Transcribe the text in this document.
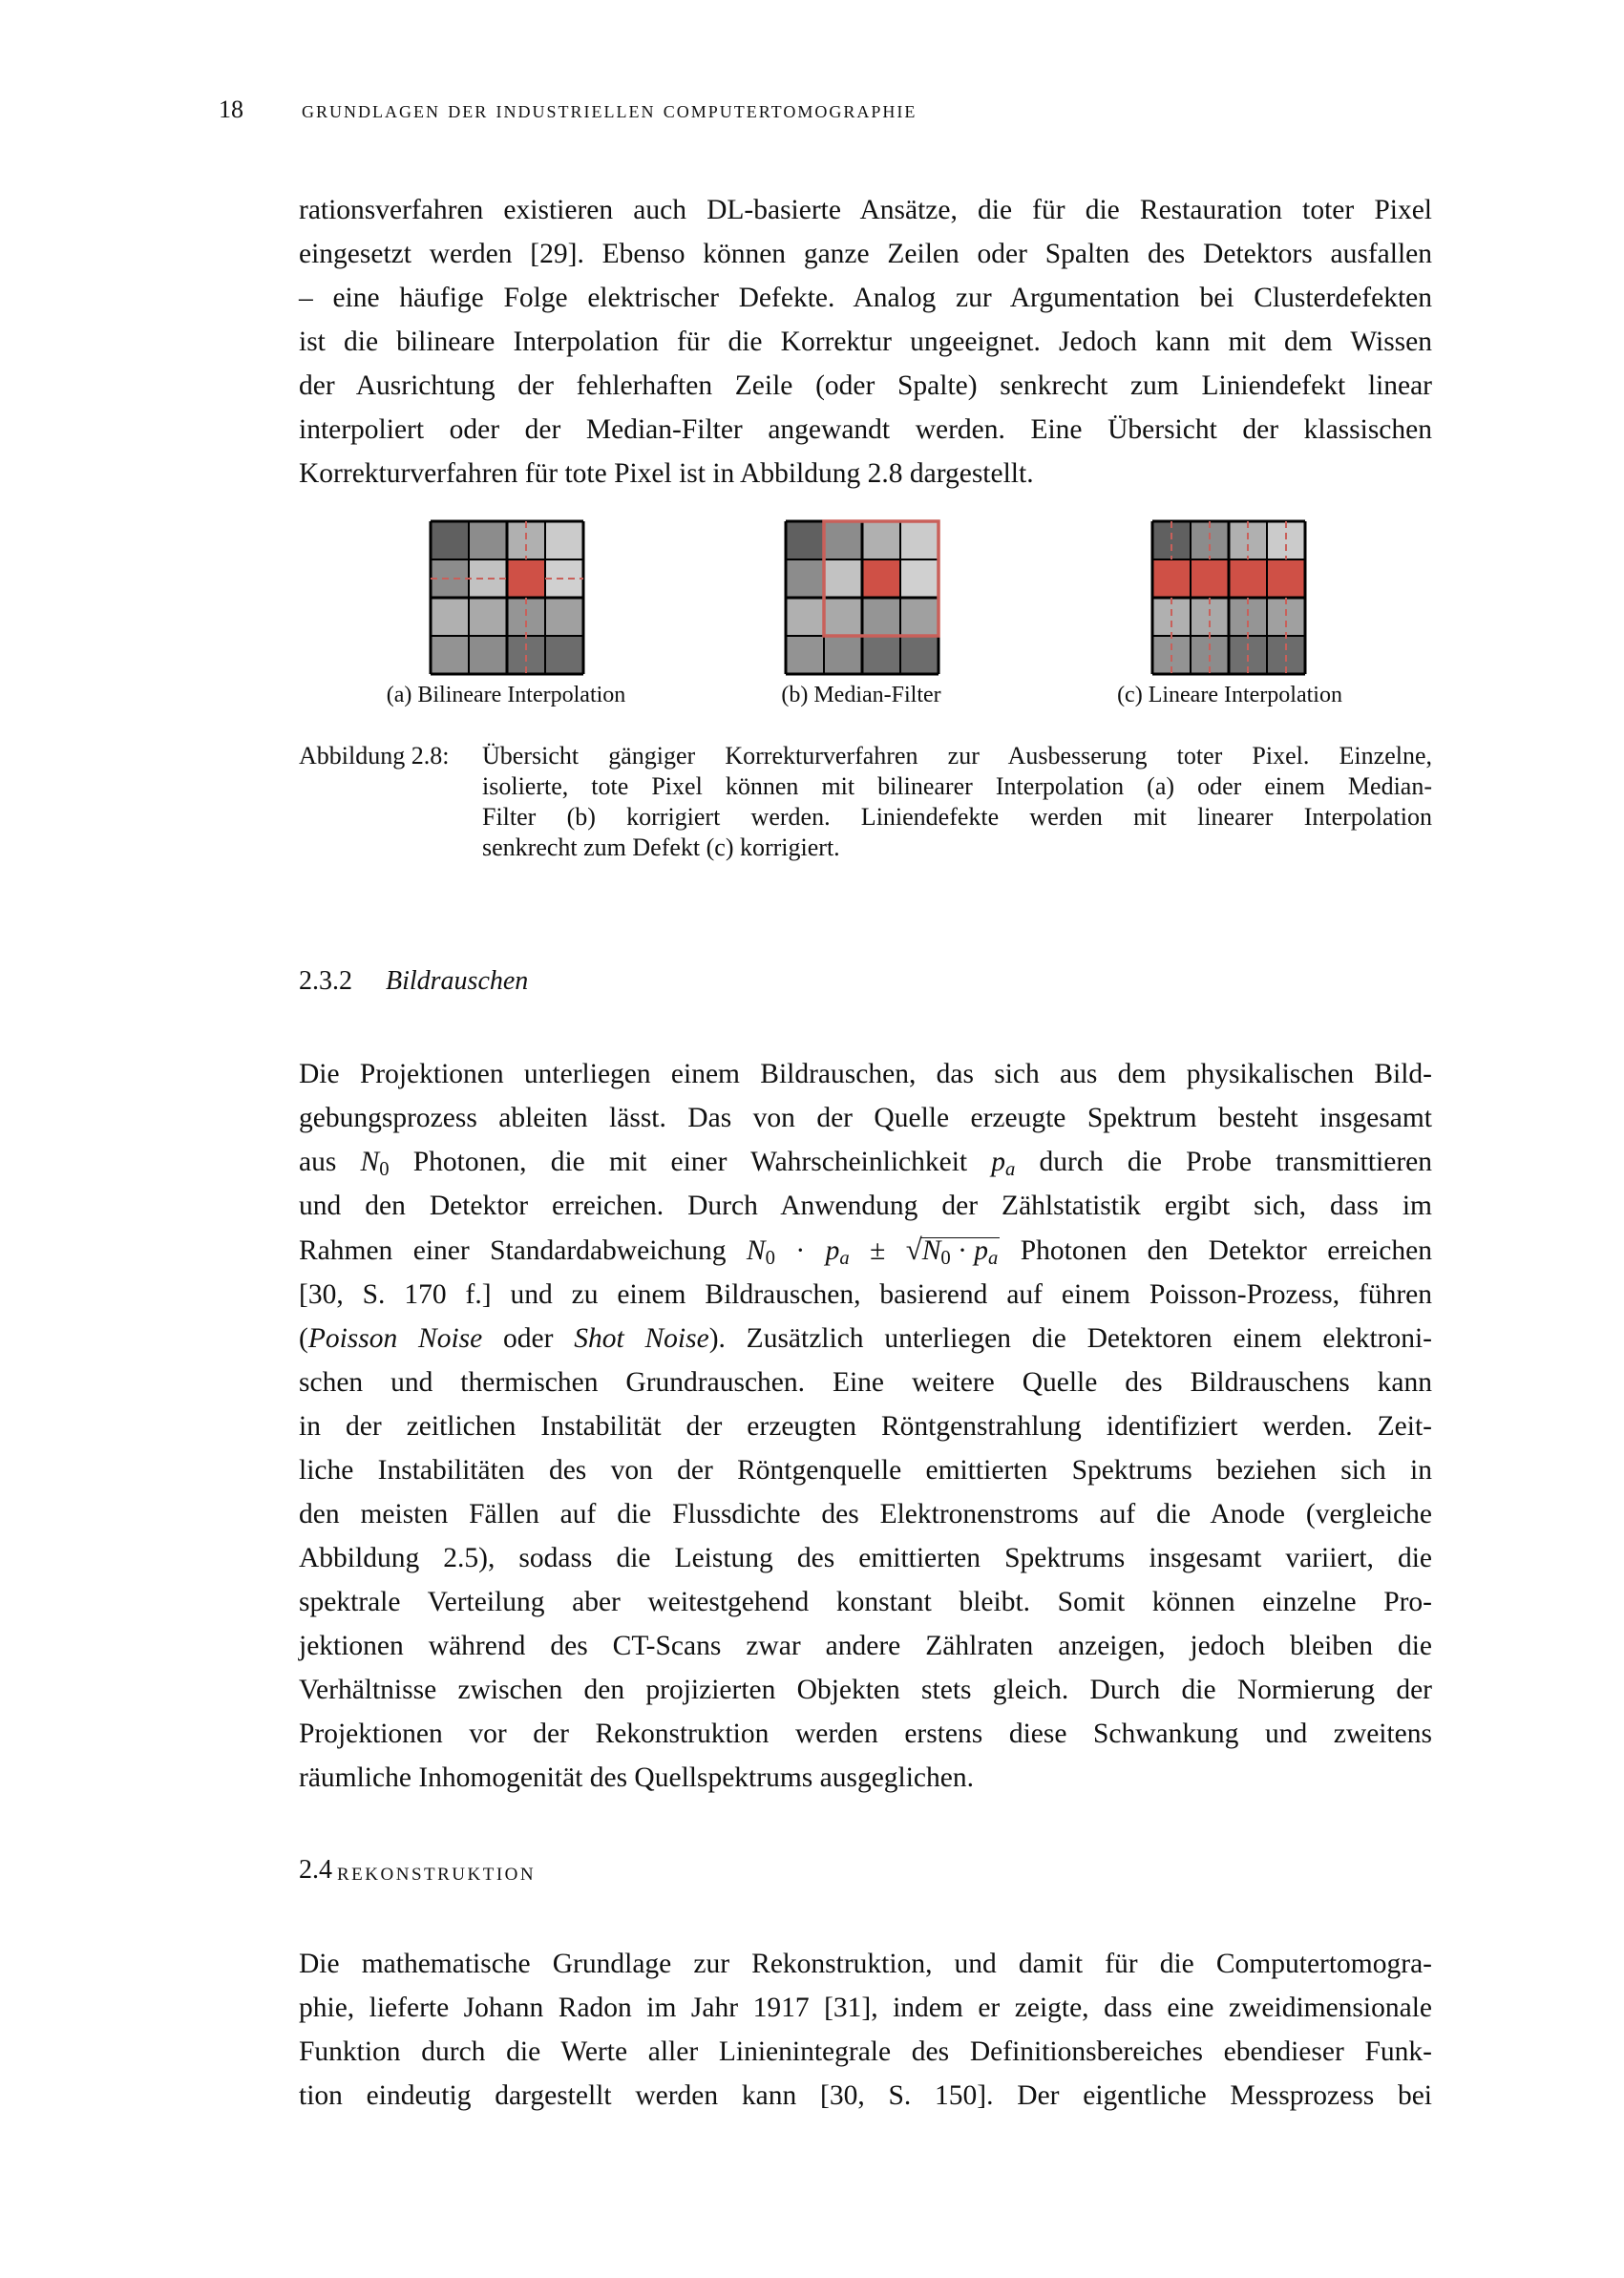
18 grundlagen der industriellen computertomographie
rationsverfahren existieren auch DL-basierte Ansätze, die für die Restauration toter Pixel
eingesetzt werden [29]. Ebenso können ganze Zeilen oder Spalten des Detektors ausfallen
– eine häufige Folge elektrischer Defekte. Analog zur Argumentation bei Clusterdefekten
ist die bilineare Interpolation für die Korrektur ungeeignet. Jedoch kann mit dem Wissen
der Ausrichtung der fehlerhaften Zeile (oder Spalte) senkrecht zum Liniendefekt linear
interpoliert oder der Median-Filter angewandt werden. Eine Übersicht der klassischen
Korrekturverfahren für tote Pixel ist in Abbildung 2.8 dargestellt.
(a) Bilineare Interpolation	(b) Median-Filter	(c) Lineare Interpolation
Abbildung 2.8: Übersicht gängiger Korrekturverfahren zur Ausbesserung toter Pixel. Einzelne,
isolierte, tote Pixel können mit bilinearer Interpolation (a) oder einem Median-
Filter (b) korrigiert werden. Liniendefekte werden mit linearer Interpolation
senkrecht zum Defekt (c) korrigiert.
2.3.2 Bildrauschen
Die Projektionen unterliegen einem Bildrauschen, das sich aus dem physikalischen Bild-
gebungsprozess ableiten lässt. Das von der Quelle erzeugte Spektrum besteht insgesamt
aus $N_0$ Photonen, die mit einer Wahrscheinlichkeit $p_a$ durch die Probe transmittieren
und den Detektor erreichen. Durch Anwendung der Zählstatistik ergibt sich, dass im
Rahmen einer Standardabweichung $N_0 \cdot p_a \pm √N_0 \cdot p_a$ Photonen den Detektor erreichen
[30, S. 170 f.] und zu einem Bildrauschen, basierend auf einem Poisson-Prozess, führen
(Poisson Noise oder Shot Noise). Zusätzlich unterliegen die Detektoren einem elektroni-
schen und thermischen Grundrauschen. Eine weitere Quelle des Bildrauschens kann
in der zeitlichen Instabilität der erzeugten Röntgenstrahlung identifiziert werden. Zeit-
liche Instabilitäten des von der Röntgenquelle emittierten Spektrums beziehen sich in
den meisten Fällen auf die Flussdichte des Elektronenstroms auf die Anode (vergleiche
Abbildung 2.5), sodass die Leistung des emittierten Spektrums insgesamt variiert, die
spektrale Verteilung aber weitestgehend konstant bleibt. Somit können einzelne Pro-
jektionen während des CT-Scans zwar andere Zählraten anzeigen, jedoch bleiben die
Verhältnisse zwischen den projizierten Objekten stets gleich. Durch die Normierung der
Projektionen vor der Rekonstruktion werden erstens diese Schwankung und zweitens
räumliche Inhomogenität des Quellspektrums ausgeglichen.
2.4 rekonstruktion
Die mathematische Grundlage zur Rekonstruktion, und damit für die Computertomogra-
phie, lieferte Johann Radon im Jahr 1917 [31], indem er zeigte, dass eine zweidimensionale
Funktion durch die Werte aller Linienintegrale des Definitionsbereiches ebendieser Funk-
tion eindeutig dargestellt werden kann [30, S. 150]. Der eigentliche Messprozess bei
